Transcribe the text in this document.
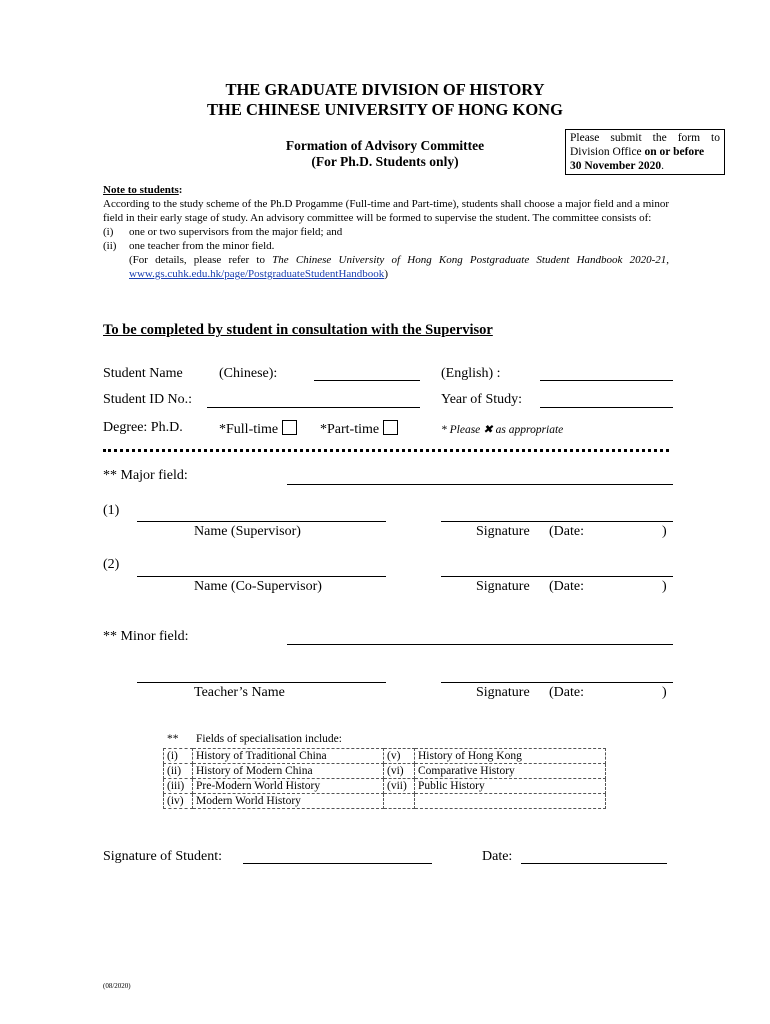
THE GRADUATE DIVISION OF HISTORY
THE CHINESE UNIVERSITY OF HONG KONG
Formation of Advisory Committee
(For Ph.D. Students only)
Please submit the form to Division Office on or before
30 November 2020.
Note to students:
According to the study scheme of the Ph.D Progamme (Full-time and Part-time), students shall choose a major field and a minor field in their early stage of study. An advisory committee will be formed to supervise the student. The committee consists of:
(i) one or two supervisors from the major field; and
(ii) one teacher from the minor field.
(For details, please refer to The Chinese University of Hong Kong Postgraduate Student Handbook 2020-21, www.gs.cuhk.edu.hk/page/PostgraduateStudentHandbook)
To be completed by student in consultation with the Supervisor
Student Name	(Chinese):	(English) :
Student ID No.:	Year of Study:
Degree: Ph.D.	*Full-time	*Part-time	* Please ✖ as appropriate
** Major field:
(1)
Name (Supervisor)	Signature (Date:	)
(2)
Name (Co-Supervisor)	Signature (Date:	)
** Minor field:
Teacher’s Name	Signature (Date:	)
** Fields of specialisation include:
(i)	History of Traditional China	(v)	History of Hong Kong
(ii)	History of Modern China	(vi)	Comparative History
(iii)	Pre-Modern World History	(vii)	Public History
(iv)	Modern World History		
Signature of Student:	Date:
(08/2020)
